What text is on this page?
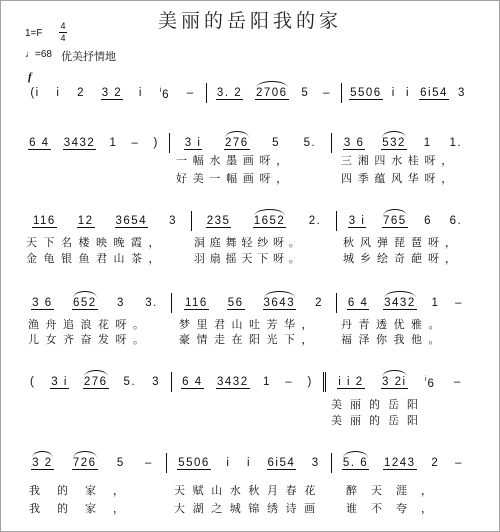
美丽的岳阳我的家
1=F
4
4
♩=68 优美抒情地
f
(i i 2 3 2 i $^i$6 – 3. 2 2706 5 – 5506 i i 6i54 3
6 4 3432 1 – ) 3 i 276 5 5.
一幅水墨画呀，
好美一幅画呀，
3 6 532 1 1.
三湘四水桂呀，
四季蕴风华呀，
116 12 3654 3
天下名楼映晚霞，
金龟银鱼君山茶，
235 1652 2.
洞庭舞轻纱呀。
羽扇摇天下呀。
3 i 765 6 6.
秋风弹琵琶呀，
城乡绘奇葩呀，
3 6 652 3 3.
渔舟追浪花呀。
儿女齐奋发呀。
116 56 3643 2
梦里君山吐芳华，
豪情走在阳光下，
6 4 3432 1 –
丹青透优雅。
福泽你我他。
( 3 i 276 5. 3 6 4 3432 1 – ) i i 2 3 2i	$^i$6 –
美丽的岳阳
美丽的岳阳
3 2 726 5 –
我的家，
我的家，
5506 i i 6i54 3
天赋山水秋月春花
大湖之城锦绣诗画
5. 6 1243 2 –
醉天涯，
谁不夸，
